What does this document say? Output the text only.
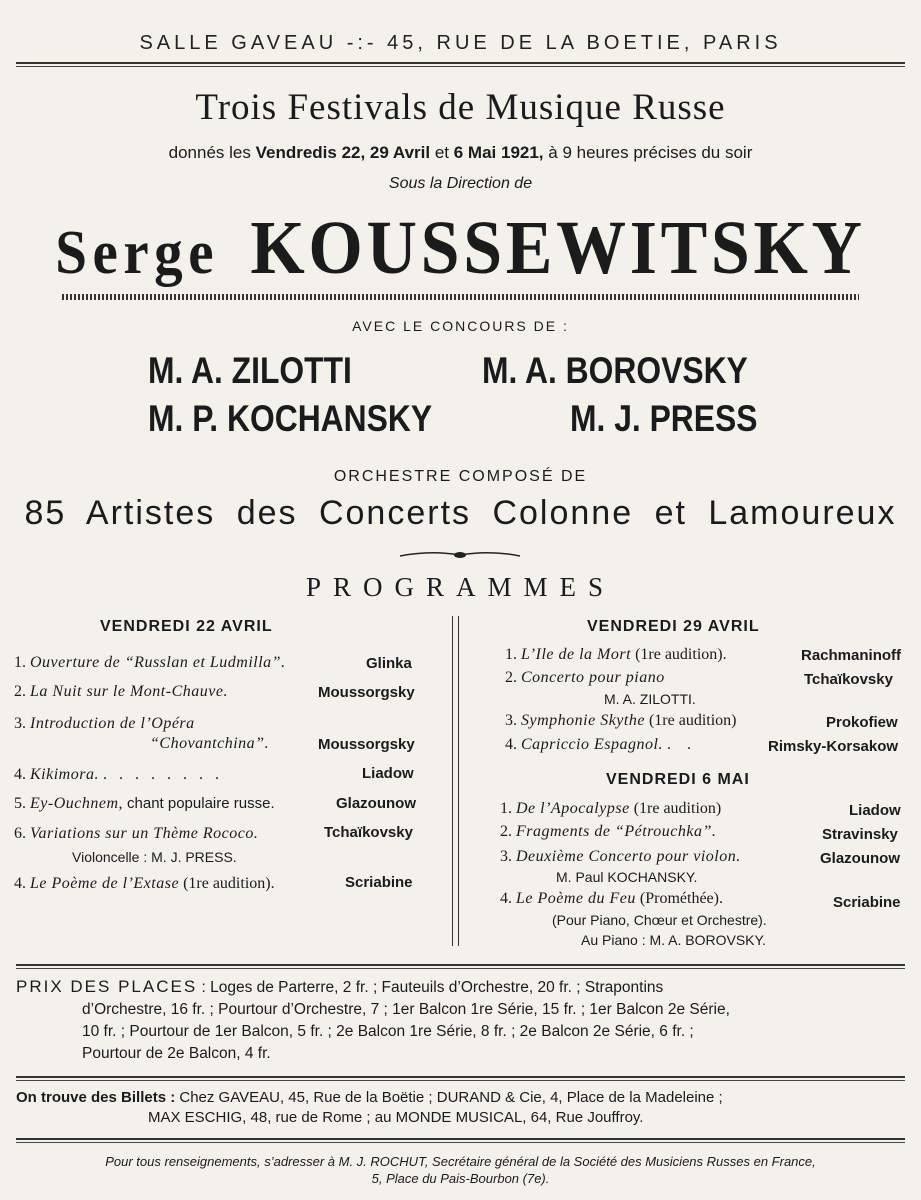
SALLE GAVEAU -:- 45, RUE DE LA BOETIE, PARIS
Trois Festivals de Musique Russe
donnés les Vendredis 22, 29 Avril et 6 Mai 1921, à 9 heures précises du soir
Sous la Direction de
Serge KOUSSEWITSKY
AVEC LE CONCOURS DE :
M. A. ZILOTTI	M. A. BOROVSKY
M. P. KOCHANSKY	M. J. PRESS
ORCHESTRE COMPOSÉ DE
85 Artistes des Concerts Colonne et Lamoureux
PROGRAMMES
VENDREDI 22 AVRIL
1. Ouverture de “Russlan et Ludmilla”.	Glinka
2. La Nuit sur le Mont-Chauve.	Moussorgsky
3. Introduction de l’Opéra
“Chovantchina”.	Moussorgsky
4. Kikimora. . . . . . . . .	Liadow
5. Ey-Ouchnem, chant populaire russe.	Glazounow
6. Variations sur un Thème Rococo.	Tchaïkovsky
Violoncelle : M. J. PRESS.
4. Le Poème de l’Extase (1re audition).	Scriabine
VENDREDI 29 AVRIL
1. L’Ile de la Mort (1re audition).	Rachmaninoff
2. Concerto pour piano	Tchaïkovsky
M. A. ZILOTTI.
3. Symphonie Skythe (1re audition)	Prokofiew
4. Capriccio Espagnol. . .	Rimsky-Korsakow
VENDREDI 6 MAI
1. De l’Apocalypse (1re audition)	Liadow
2. Fragments de “Pétrouchka”.	Stravinsky
3. Deuxième Concerto pour violon.	Glazounow
M. Paul KOCHANSKY.
4. Le Poème du Feu (Prométhée).	Scriabine
(Pour Piano, Chœur et Orchestre).
Au Piano : M. A. BOROVSKY.
PRIX DES PLACES : Loges de Parterre, 2 fr. ; Fauteuils d’Orchestre, 20 fr. ; Strapontins
d’Orchestre, 16 fr. ; Pourtour d’Orchestre, 7 ; 1er Balcon 1re Série, 15 fr. ; 1er Balcon 2e Série,
10 fr. ; Pourtour de 1er Balcon, 5 fr. ; 2e Balcon 1re Série, 8 fr. ; 2e Balcon 2e Série, 6 fr. ;
Pourtour de 2e Balcon, 4 fr.
On trouve des Billets : Chez GAVEAU, 45, Rue de la Boëtie ; DURAND & Cie, 4, Place de la Madeleine ;
MAX ESCHIG, 48, rue de Rome ; au MONDE MUSICAL, 64, Rue Jouffroy.
Pour tous renseignements, s’adresser à M. J. ROCHUT, Secrétaire général de la Société des Musiciens Russes en France,
5, Place du Pais-Bourbon (7e).
